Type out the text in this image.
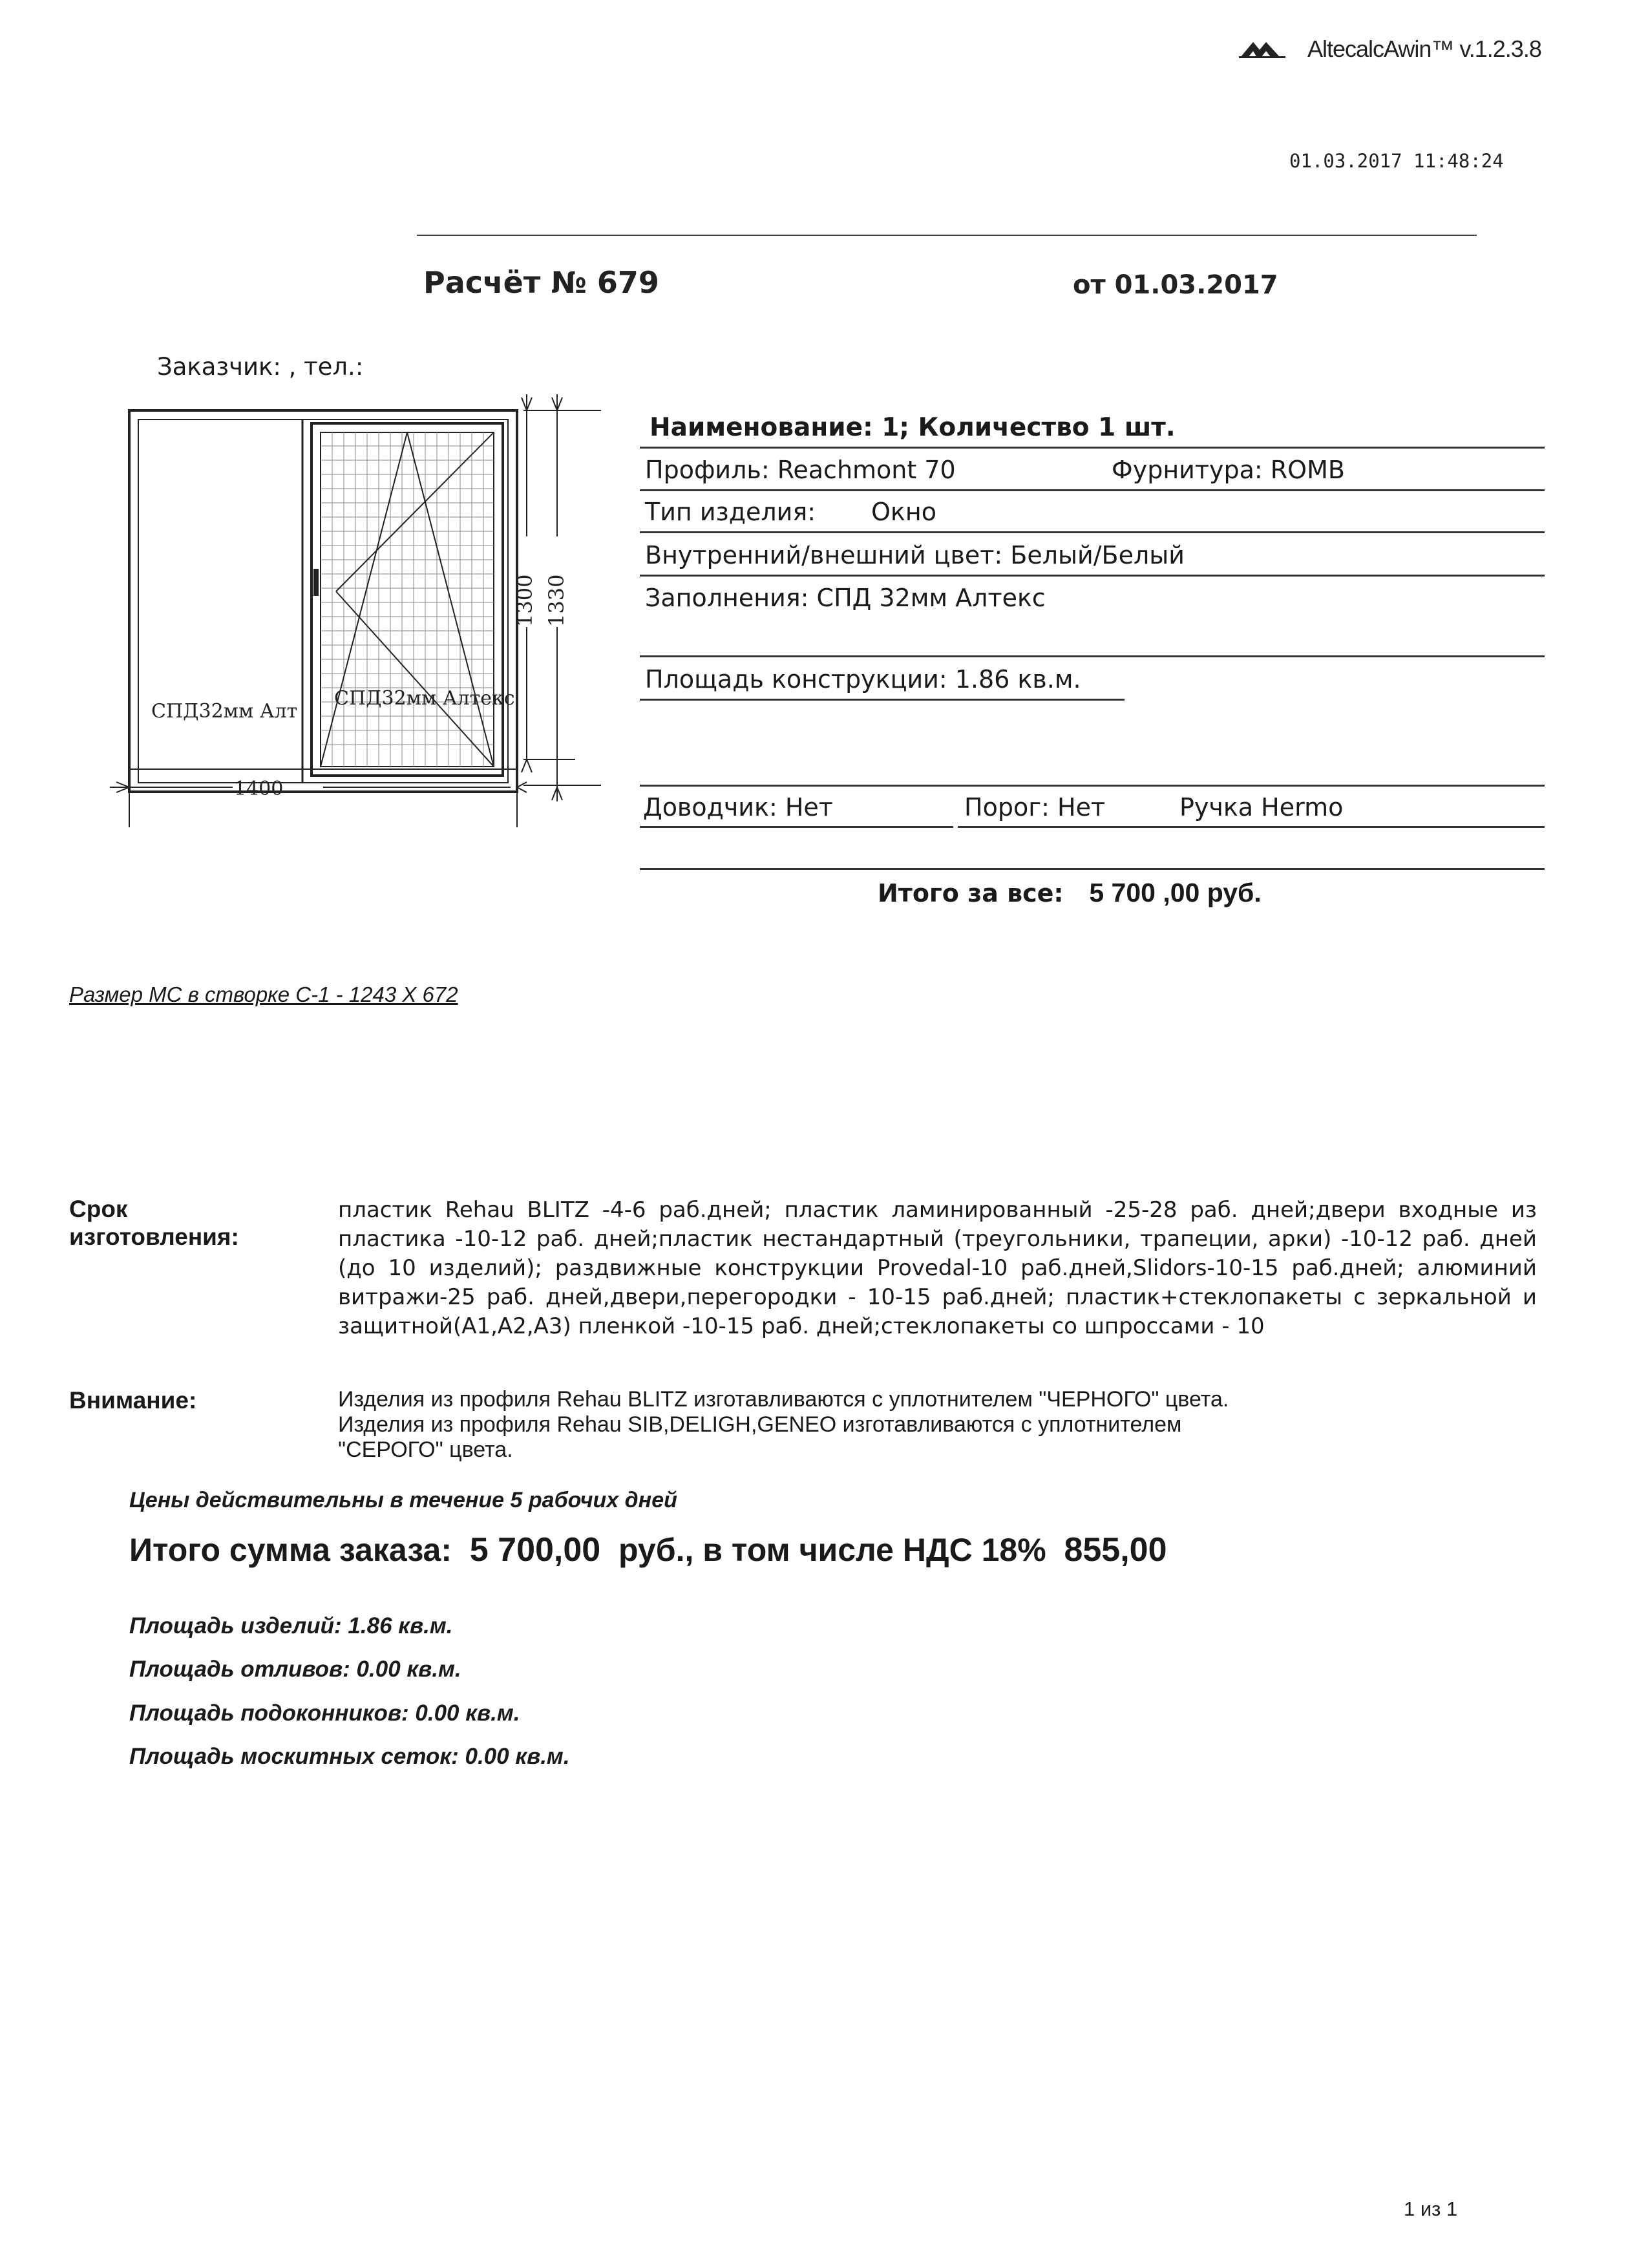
AltecalcAwin™ v.1.2.3.8
01.03.2017 11:48:24
Расчёт № 679	от 01.03.2017
Заказчик: , тел.:
СПД32мм Алт
СПД32мм Алтекс
1400
1300 1330
Наименование: 1; Количество 1 шт.
Профиль: Reachmont 70	Фурнитура: ROMB
Тип изделия: Окно
Внутренний/внешний цвет: Белый/Белый
Заполнения: СПД 32мм Алтекс
Площадь конструкции: 1.86 кв.м.
Доводчик: Нет	Порог: Нет	Ручка Hermo
Итого за все: 5 700 ,00 руб.
Размер МС в створке С-1 - 1243 Х 672
Срок
изготовления:
пластик Rehau BLITZ -4-6 раб.дней; пластик ламинированный -25-28 раб. дней;двери входные из пластика -10-12 раб. дней;пластик нестандартный (треугольники, трапеции, арки) -10-12 раб. дней (до 10 изделий); раздвижные конструкции Provedal-10 раб.дней,Slidors-10-15 раб.дней; алюминий витражи-25 раб. дней,двери,перегородки - 10-15 раб.дней; пластик+стеклопакеты с зеркальной и защитной(А1,А2,А3) пленкой -10-15 раб. дней;стеклопакеты со шпроссами - 10
Внимание:	Изделия из профиля Rehau BLITZ изготавливаются с уплотнителем "ЧЕРНОГО" цвета.
Изделия из профиля Rehau SIB,DELIGH,GENEO изготавливаются с уплотнителем
"СЕРОГО" цвета.
Цены действительны в течение 5 рабочих дней
Итого сумма заказа: 5 700,00 руб., в том числе НДС 18% 855,00
Площадь изделий: 1.86 кв.м.
Площадь отливов: 0.00 кв.м.
Площадь подоконников: 0.00 кв.м.
Площадь москитных сеток: 0.00 кв.м.
1 из 1
